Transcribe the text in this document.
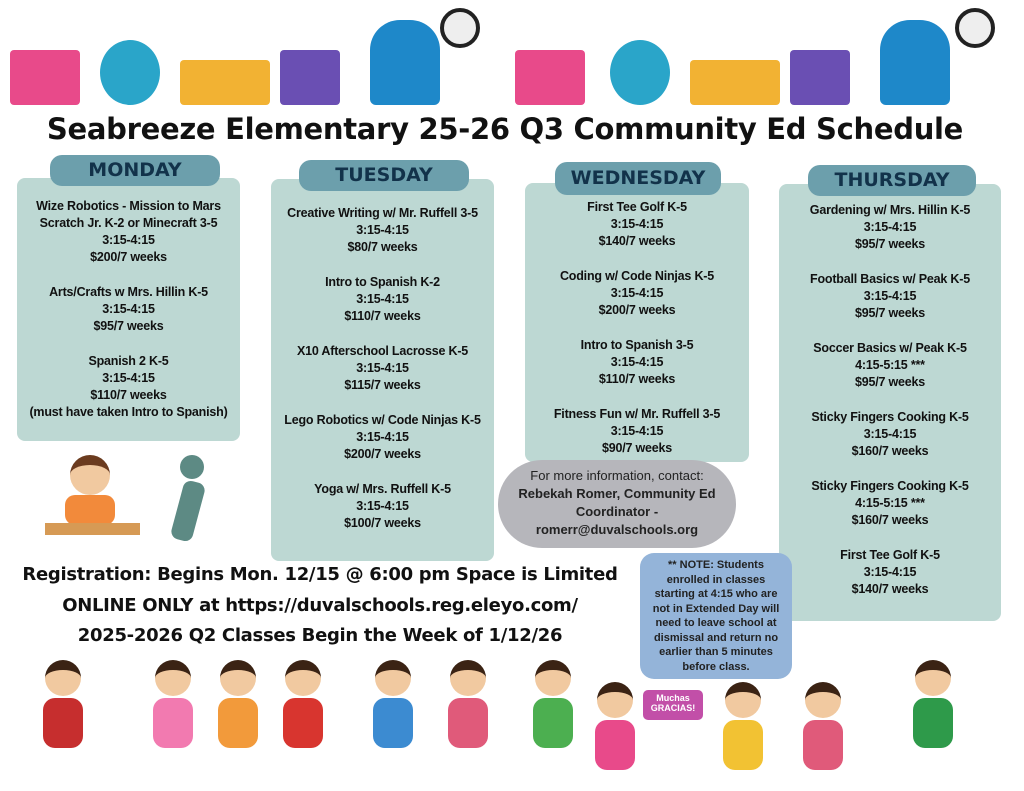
Seabreeze Elementary 25-26 Q3 Community Ed Schedule
Wize Robotics - Mission to Mars
Scratch Jr. K-2 or Minecraft 3-5
3:15-4:15
$200/7 weeks
Arts/Crafts w Mrs. Hillin K-5
3:15-4:15
$95/7 weeks
Spanish 2 K-5
3:15-4:15
$110/7 weeks
(must have taken Intro to Spanish)
MONDAY
Creative Writing w/ Mr. Ruffell 3-5
3:15-4:15
$80/7 weeks
Intro to Spanish K-2
3:15-4:15
$110/7 weeks
X10 Afterschool Lacrosse K-5
3:15-4:15
$115/7 weeks
Lego Robotics w/ Code Ninjas K-5
3:15-4:15
$200/7 weeks
Yoga w/ Mrs. Ruffell K-5
3:15-4:15
$100/7 weeks
TUESDAY
First Tee Golf K-5
3:15-4:15
$140/7 weeks
Coding w/ Code Ninjas K-5
3:15-4:15
$200/7 weeks
Intro to Spanish 3-5
3:15-4:15
$110/7 weeks
Fitness Fun w/ Mr. Ruffell 3-5
3:15-4:15
$90/7 weeks
WEDNESDAY
Gardening w/ Mrs. Hillin K-5
3:15-4:15
$95/7 weeks
Football Basics w/ Peak K-5
3:15-4:15
$95/7 weeks
Soccer Basics w/ Peak K-5
4:15-5:15 ***
$95/7 weeks
Sticky Fingers Cooking K-5
3:15-4:15
$160/7 weeks
Sticky Fingers Cooking K-5
4:15-5:15 ***
$160/7 weeks
First Tee Golf K-5
3:15-4:15
$140/7 weeks
THURSDAY
For more information, contact:
Rebekah Romer, Community Ed
Coordinator -
romerr@duvalschools.org
** NOTE: Students enrolled in classes starting at 4:15 who are not in Extended Day will need to leave school at dismissal and return no earlier than 5 minutes before class.
Registration: Begins Mon. 12/15 @ 6:00 pm Space is Limited
ONLINE ONLY at https://duvalschools.reg.eleyo.com/
2025-2026 Q2 Classes Begin the Week of 1/12/26
Muchas GRACIAS!
